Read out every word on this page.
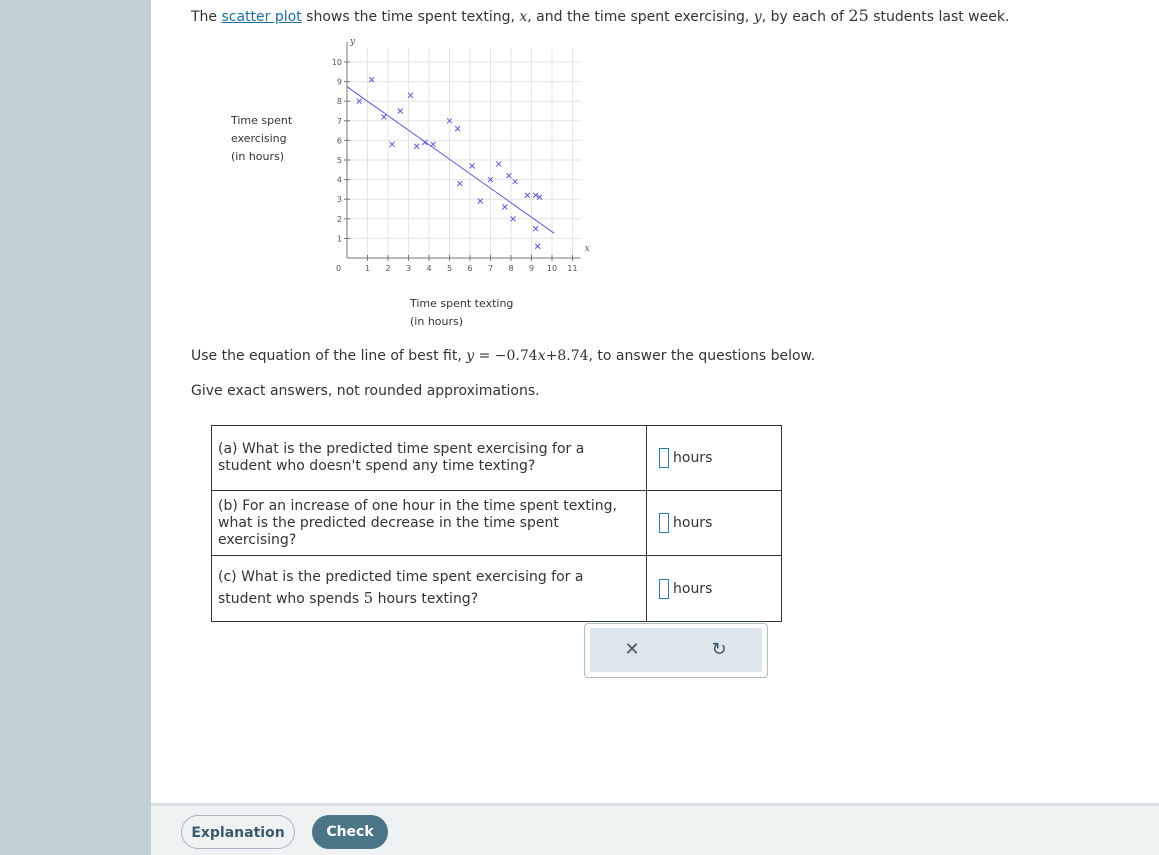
The scatter plot shows the time spent texting, x, and the time spent exercising, y, by each of 25 students last week.
Time spent
exercising
(in hours)
Time spent texting
(in hours)
Use the equation of the line of best fit, y = −0.74x+8.74, to answer the questions below.
Give exact answers, not rounded approximations.
(a) What is the predicted time spent exercising for a
student who doesn't spend any time texting?	hours

(b) For an increase of one hour in the time spent texting,
what is the predicted decrease in the time spent
exercising?	hours

(c) What is the predicted time spent exercising for a
student who spends 5 hours texting?	hours
✕	↻
0	1 2 3 4 5 6 7 8 9 10 11
1
2
3
4
5
6
7
8
9
10
y
x
Explanation	Check
